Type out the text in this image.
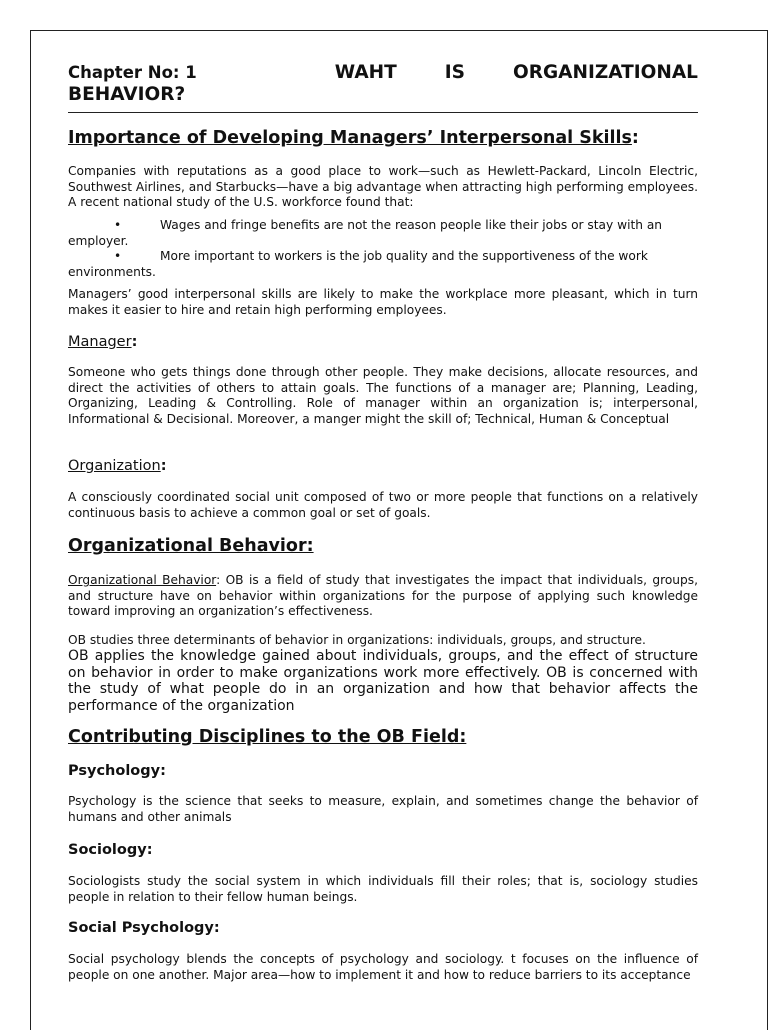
Chapter No: 1	WAHT	IS	ORGANIZATIONAL
BEHAVIOR?
Importance of Developing Managers’ Interpersonal Skills:
Companies with reputations as a good place to work—such as Hewlett-Packard, Lincoln Electric, Southwest Airlines, and Starbucks—have a big advantage when attracting high performing employees. A recent national study of the U.S. workforce found that:
•	Wages and fringe benefits are not the reason people like their jobs or stay with an employer.
•	More important to workers is the job quality and the supportiveness of the work environments.
Managers’ good interpersonal skills are likely to make the workplace more pleasant, which in turn makes it easier to hire and retain high performing employees.
Manager:
Someone who gets things done through other people. They make decisions, allocate resources, and direct the activities of others to attain goals. The functions of a manager are; Planning, Leading, Organizing, Leading & Controlling. Role of manager within an organization is; interpersonal, Informational & Decisional. Moreover, a manger might the skill of; Technical, Human & Conceptual
Organization:
A consciously coordinated social unit composed of two or more people that functions on a relatively continuous basis to achieve a common goal or set of goals.
Organizational Behavior:
Organizational Behavior: OB is a field of study that investigates the impact that individuals, groups, and structure have on behavior within organizations for the purpose of applying such knowledge toward improving an organization’s effectiveness.
OB studies three determinants of behavior in organizations: individuals, groups, and structure.
OB applies the knowledge gained about individuals, groups, and the effect of structure on behavior in order to make organizations work more effectively. OB is concerned with the study of what people do in an organization and how that behavior affects the performance of the organization
Contributing Disciplines to the OB Field:
Psychology:
Psychology is the science that seeks to measure, explain, and sometimes change the behavior of humans and other animals
Sociology:
Sociologists study the social system in which individuals fill their roles; that is, sociology studies people in relation to their fellow human beings.
Social Psychology:
Social psychology blends the concepts of psychology and sociology. t focuses on the influence of people on one another. Major area—how to implement it and how to reduce barriers to its acceptance
